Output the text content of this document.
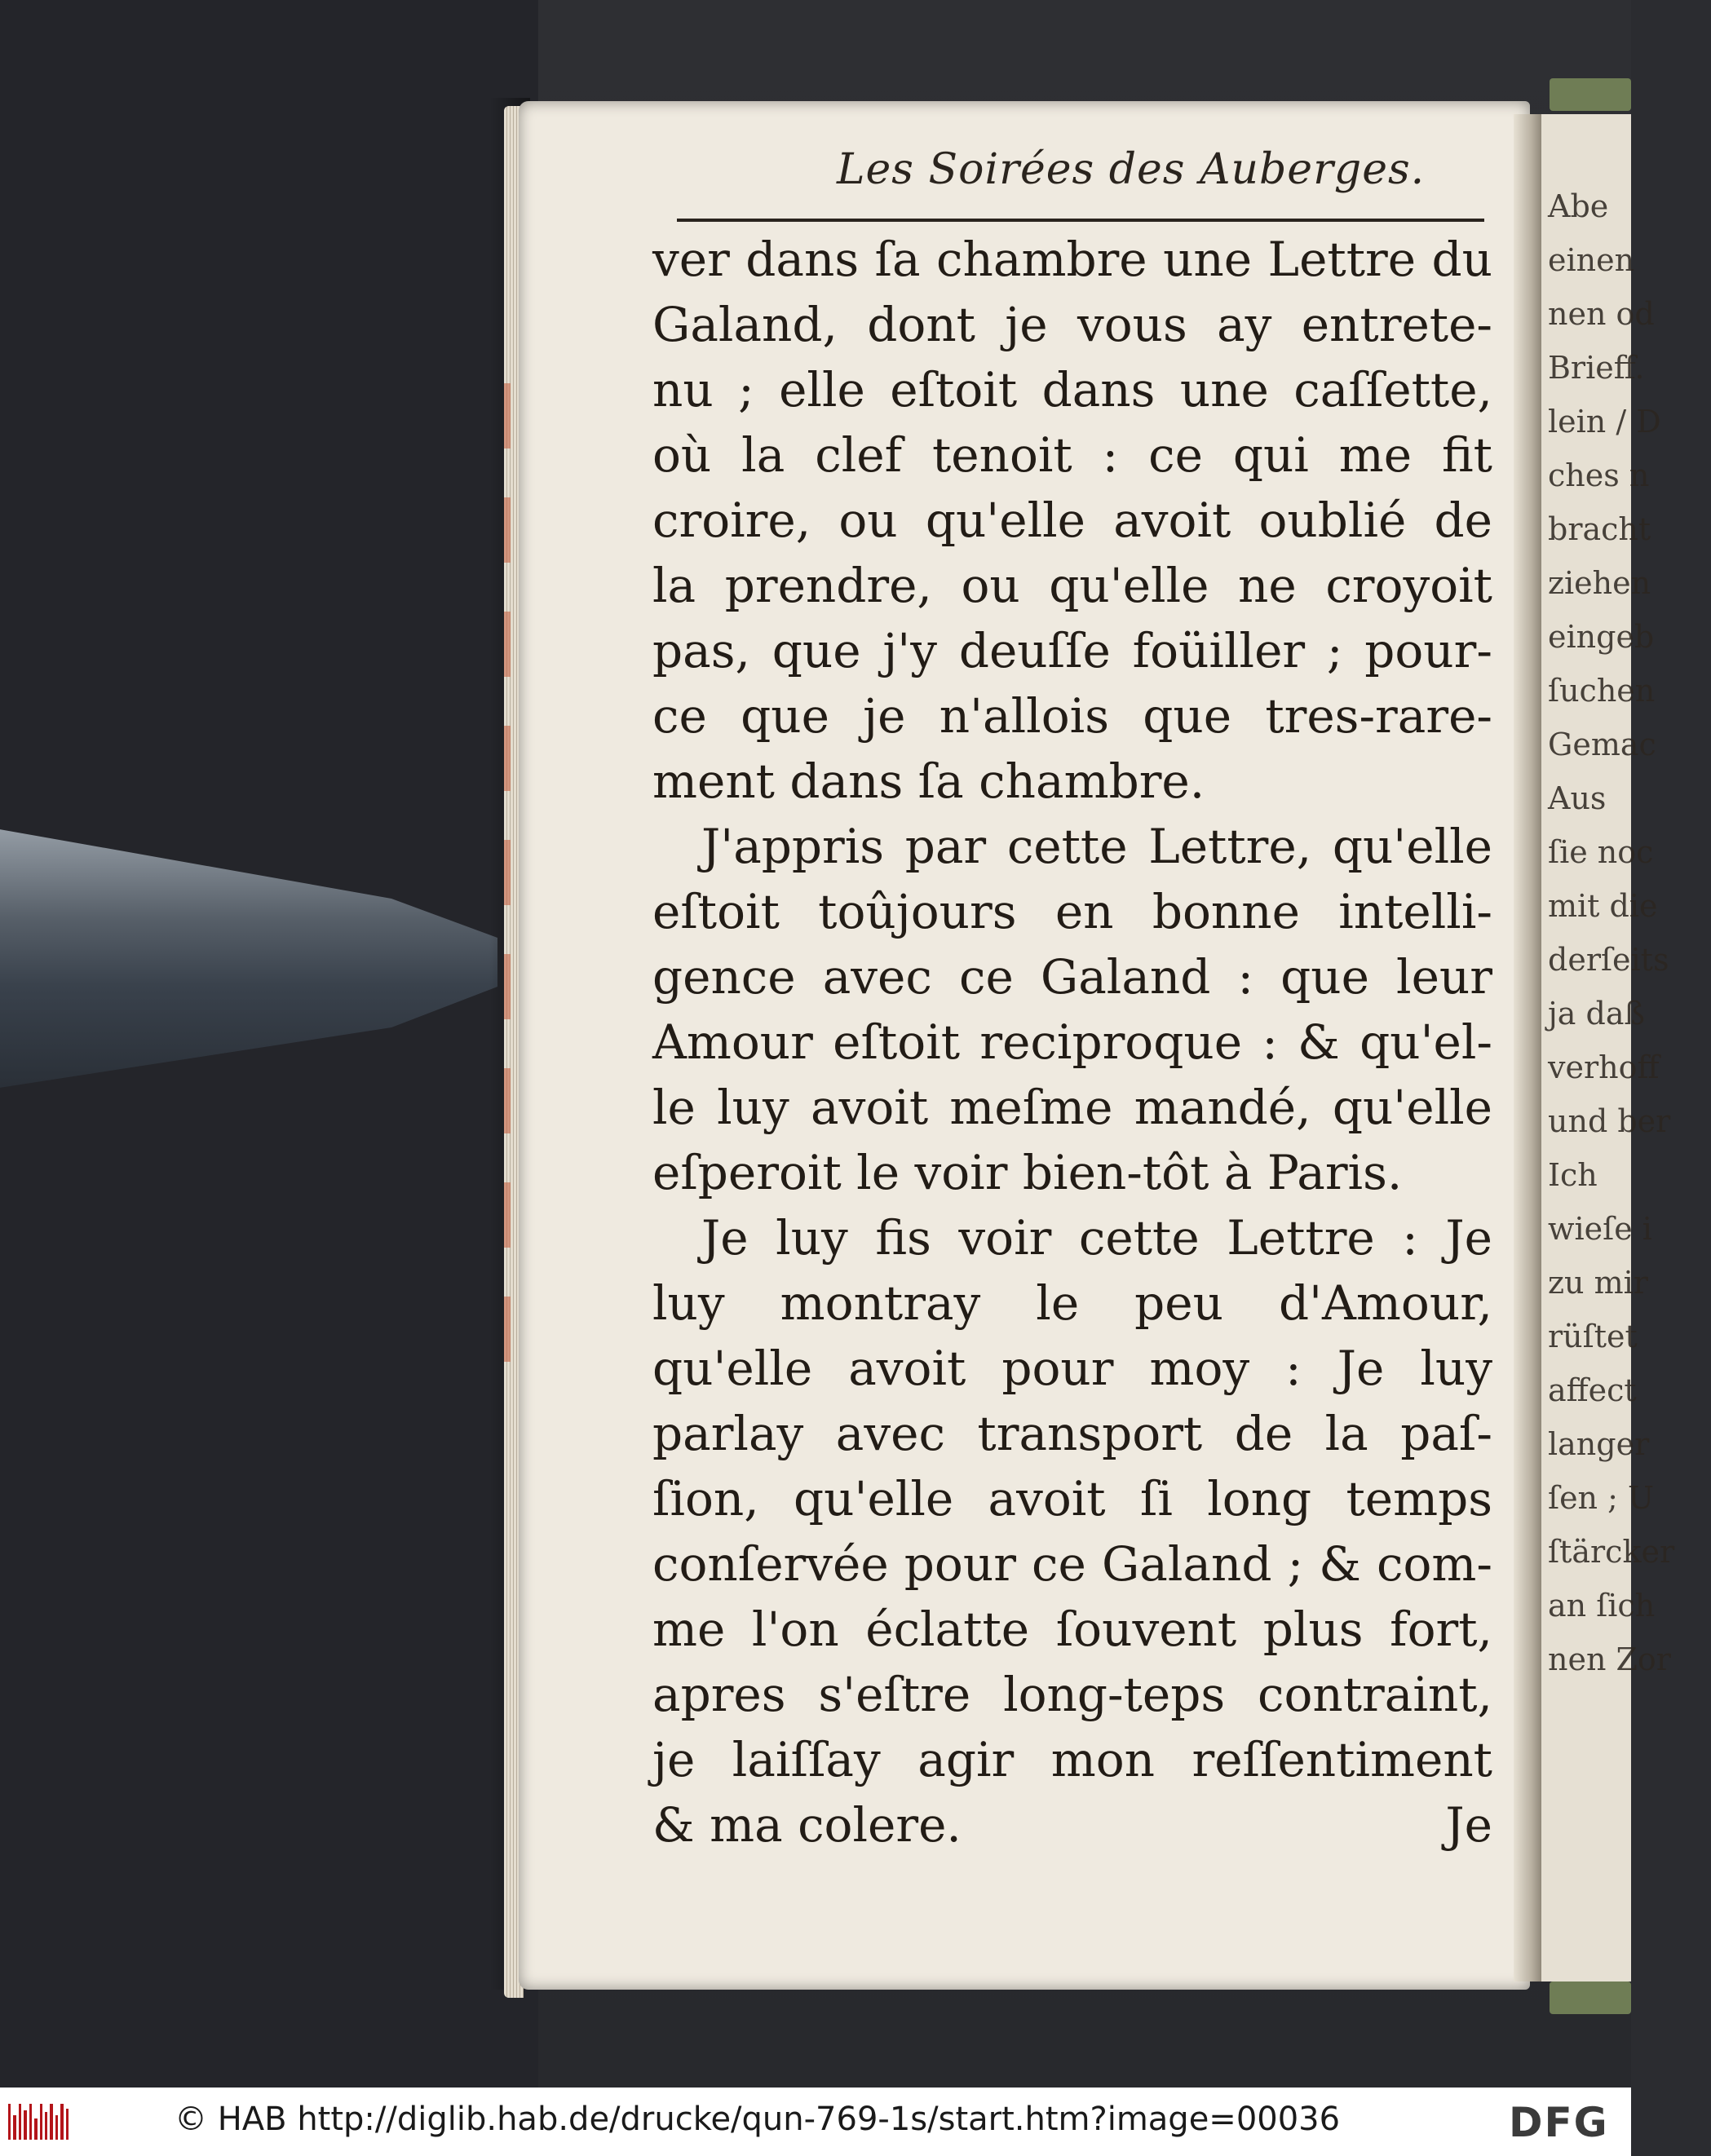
Abe
einen
nen od
Brieff.
lein / D
ches n
bracht
ziehen
eingeb
ſuchen
Gemac
Aus
ſie noc
mit die
derſeits
ja daß
verhoff
und ber
Ich
wieſe i
zu mir
rüſtet
affect
langer
ſen ; U
ſtärcker
an ſich
nen Zor
Les Soirées des Auberges.
ver dans ſa chambre une Lettre du
Galand, dont je vous ay entrete-
nu ; elle eſtoit dans une caſſette,
où la clef tenoit : ce qui me fit
croire, ou qu'elle avoit oublié de
la prendre, ou qu'elle ne croyoit
pas, que j'y deuſſe foüiller ; pour-
ce que je n'allois que tres-rare-
ment dans ſa chambre.
J'appris par cette Lettre, qu'elle
eſtoit toûjours en bonne intelli-
gence avec ce Galand : que leur
Amour eſtoit reciproque : & qu'el-
le luy avoit meſme mandé, qu'elle
eſperoit le voir bien-tôt à Paris.
Je luy fis voir cette Lettre : Je
luy montray le peu d'Amour,
qu'elle avoit pour moy : Je luy
parlay avec transport de la paſ-
ſion, qu'elle avoit ſi long temps
conſervée pour ce Galand ; & com-
me l'on éclatte ſouvent plus fort,
apres s'eſtre long-teps contraint,
je laiſſay agir mon reſſentiment
& ma colere.	Je
© HAB http://diglib.hab.de/drucke/qun-769-1s/start.htm?image=00036	DFG
